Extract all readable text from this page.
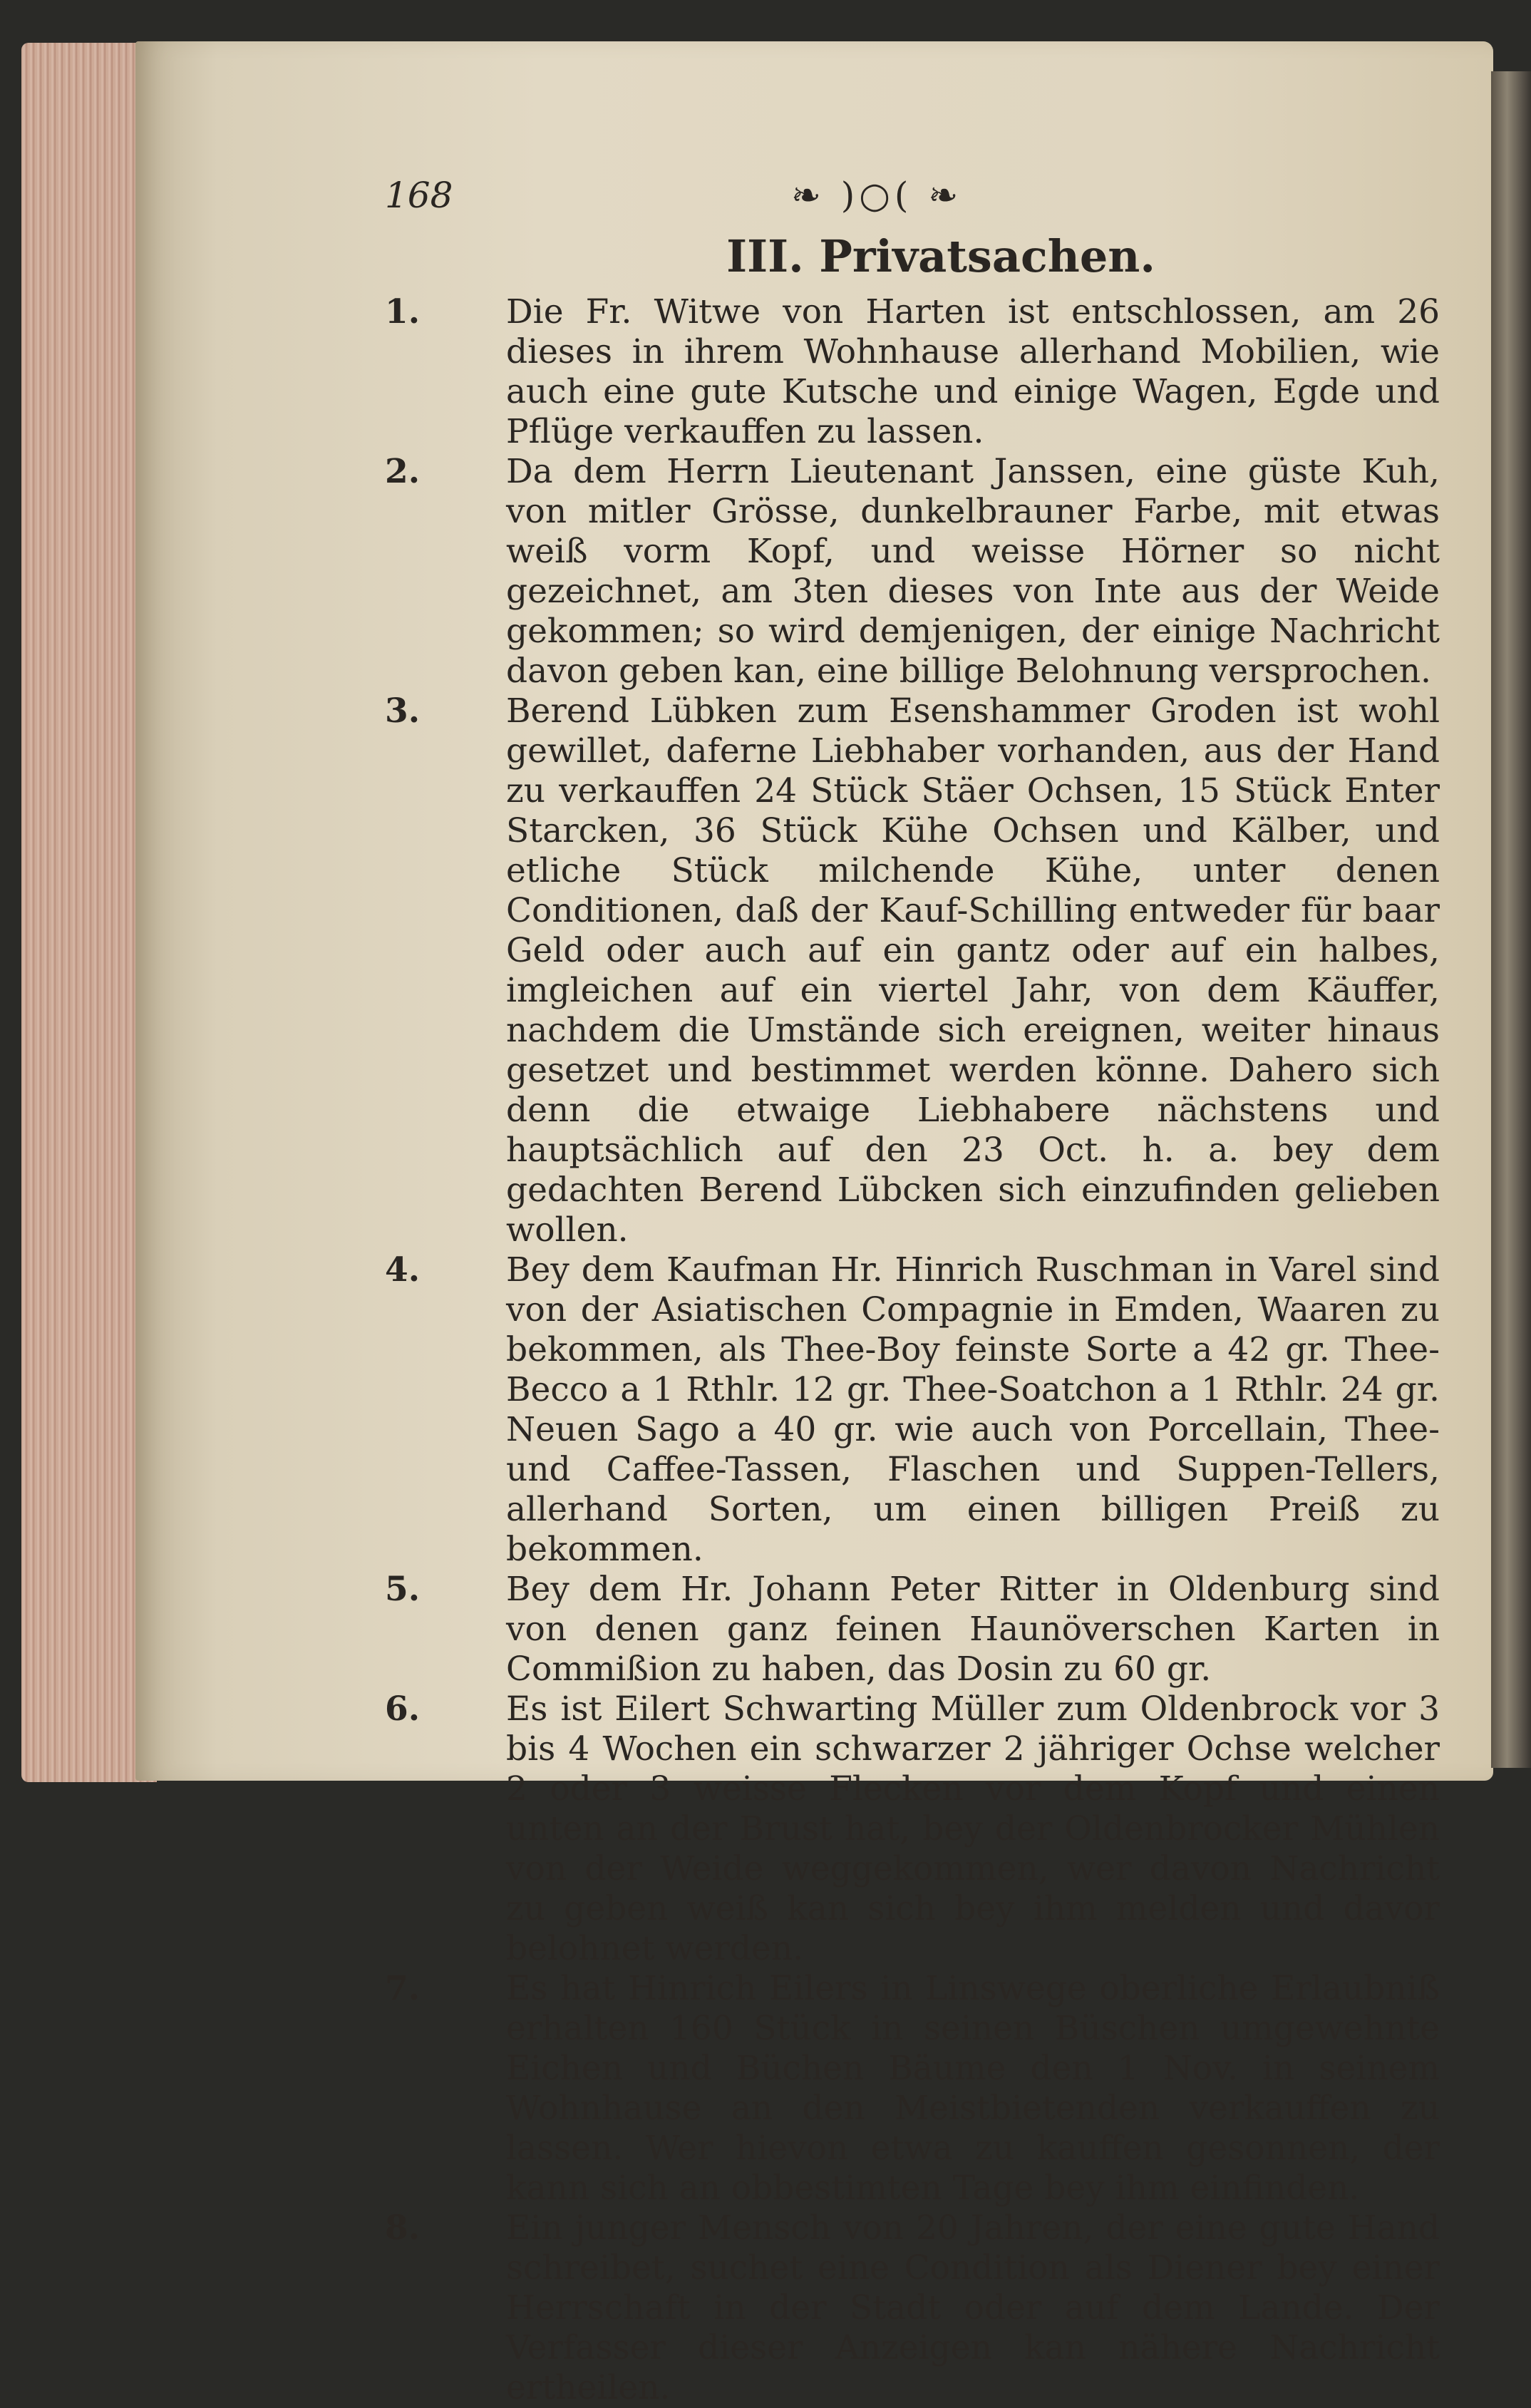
168	❧ )○( ❧
III. Privatsachen.
1.	Die Fr. Witwe von Harten ist entschlossen, am 26 dieses in ihrem Wohnhause allerhand Mobilien, wie auch eine gute Kutsche und einige Wagen, Egde und Pflüge verkauffen zu lassen.
2.	Da dem Herrn Lieutenant Janssen, eine güste Kuh, von mitler Grösse, dunkelbrauner Farbe, mit etwas weiß vorm Kopf, und weisse Hörner so nicht gezeichnet, am 3ten dieses von Inte aus der Weide gekommen; so wird demjenigen, der einige Nachricht davon geben kan, eine billige Belohnung versprochen.
3.	Berend Lübken zum Esenshammer Groden ist wohl gewillet, daferne Liebhaber vorhanden, aus der Hand zu verkauffen 24 Stück Stäer Ochsen, 15 Stück Enter Starcken, 36 Stück Kühe Ochsen und Kälber, und etliche Stück milchende Kühe, unter denen Conditionen, daß der Kauf-Schilling entweder für baar Geld oder auch auf ein gantz oder auf ein halbes, imgleichen auf ein viertel Jahr, von dem Käuffer, nachdem die Umstände sich ereignen, weiter hinaus gesetzet und bestimmet werden könne. Dahero sich denn die etwaige Liebhabere nächstens und hauptsächlich auf den 23 Oct. h. a. bey dem gedachten Berend Lübcken sich einzufinden gelieben wollen.
4.	Bey dem Kaufman Hr. Hinrich Ruschman in Varel sind von der Asiatischen Compagnie in Emden, Waaren zu bekommen, als Thee-Boy feinste Sorte a 42 gr. Thee-Becco a 1 Rthlr. 12 gr. Thee-Soatchon a 1 Rthlr. 24 gr. Neuen Sago a 40 gr. wie auch von Porcellain, Thee- und Caffee-Tassen, Flaschen und Suppen-Tellers, allerhand Sorten, um einen billigen Preiß zu bekommen.
5.	Bey dem Hr. Johann Peter Ritter in Oldenburg sind von denen ganz feinen Haunöverschen Karten in Commißion zu haben, das Dosin zu 60 gr.
6.	Es ist Eilert Schwarting Müller zum Oldenbrock vor 3 bis 4 Wochen ein schwarzer 2 jähriger Ochse welcher 2 oder 3 weisse Flecken vor dem Kopf und einen unten an der Brust hat, bey der Oldenbrocker Mühlen von der Weide weggekommen, wer davon Nachricht zu geben weiß kan sich bey ihm melden und davor belohnet werden.
7.	Es hat Hinrich Eilers in Linswege oberliche Erlaubniß erhalten 160 Stück in seinen Büschen umgewehnte Eichen und Büchen Bäume den 1 Nov. in seinem Wohnhause an den Meistbietenden verkauffen zu lassen. Wer hievon etwa zu kauffen gesonnen, der kann sich an obbestimten Tage bey ihm einfinden.
8.	Ein junger Mensch von 20 Jahren, der eine gute Hand schreibet, suchet eine Condition als Diener bey einer Herrschaft in der Stadt oder auf dem Lande. Der Verfasser dieser Anzeigen kan nähere Nachricht ertheilen.
